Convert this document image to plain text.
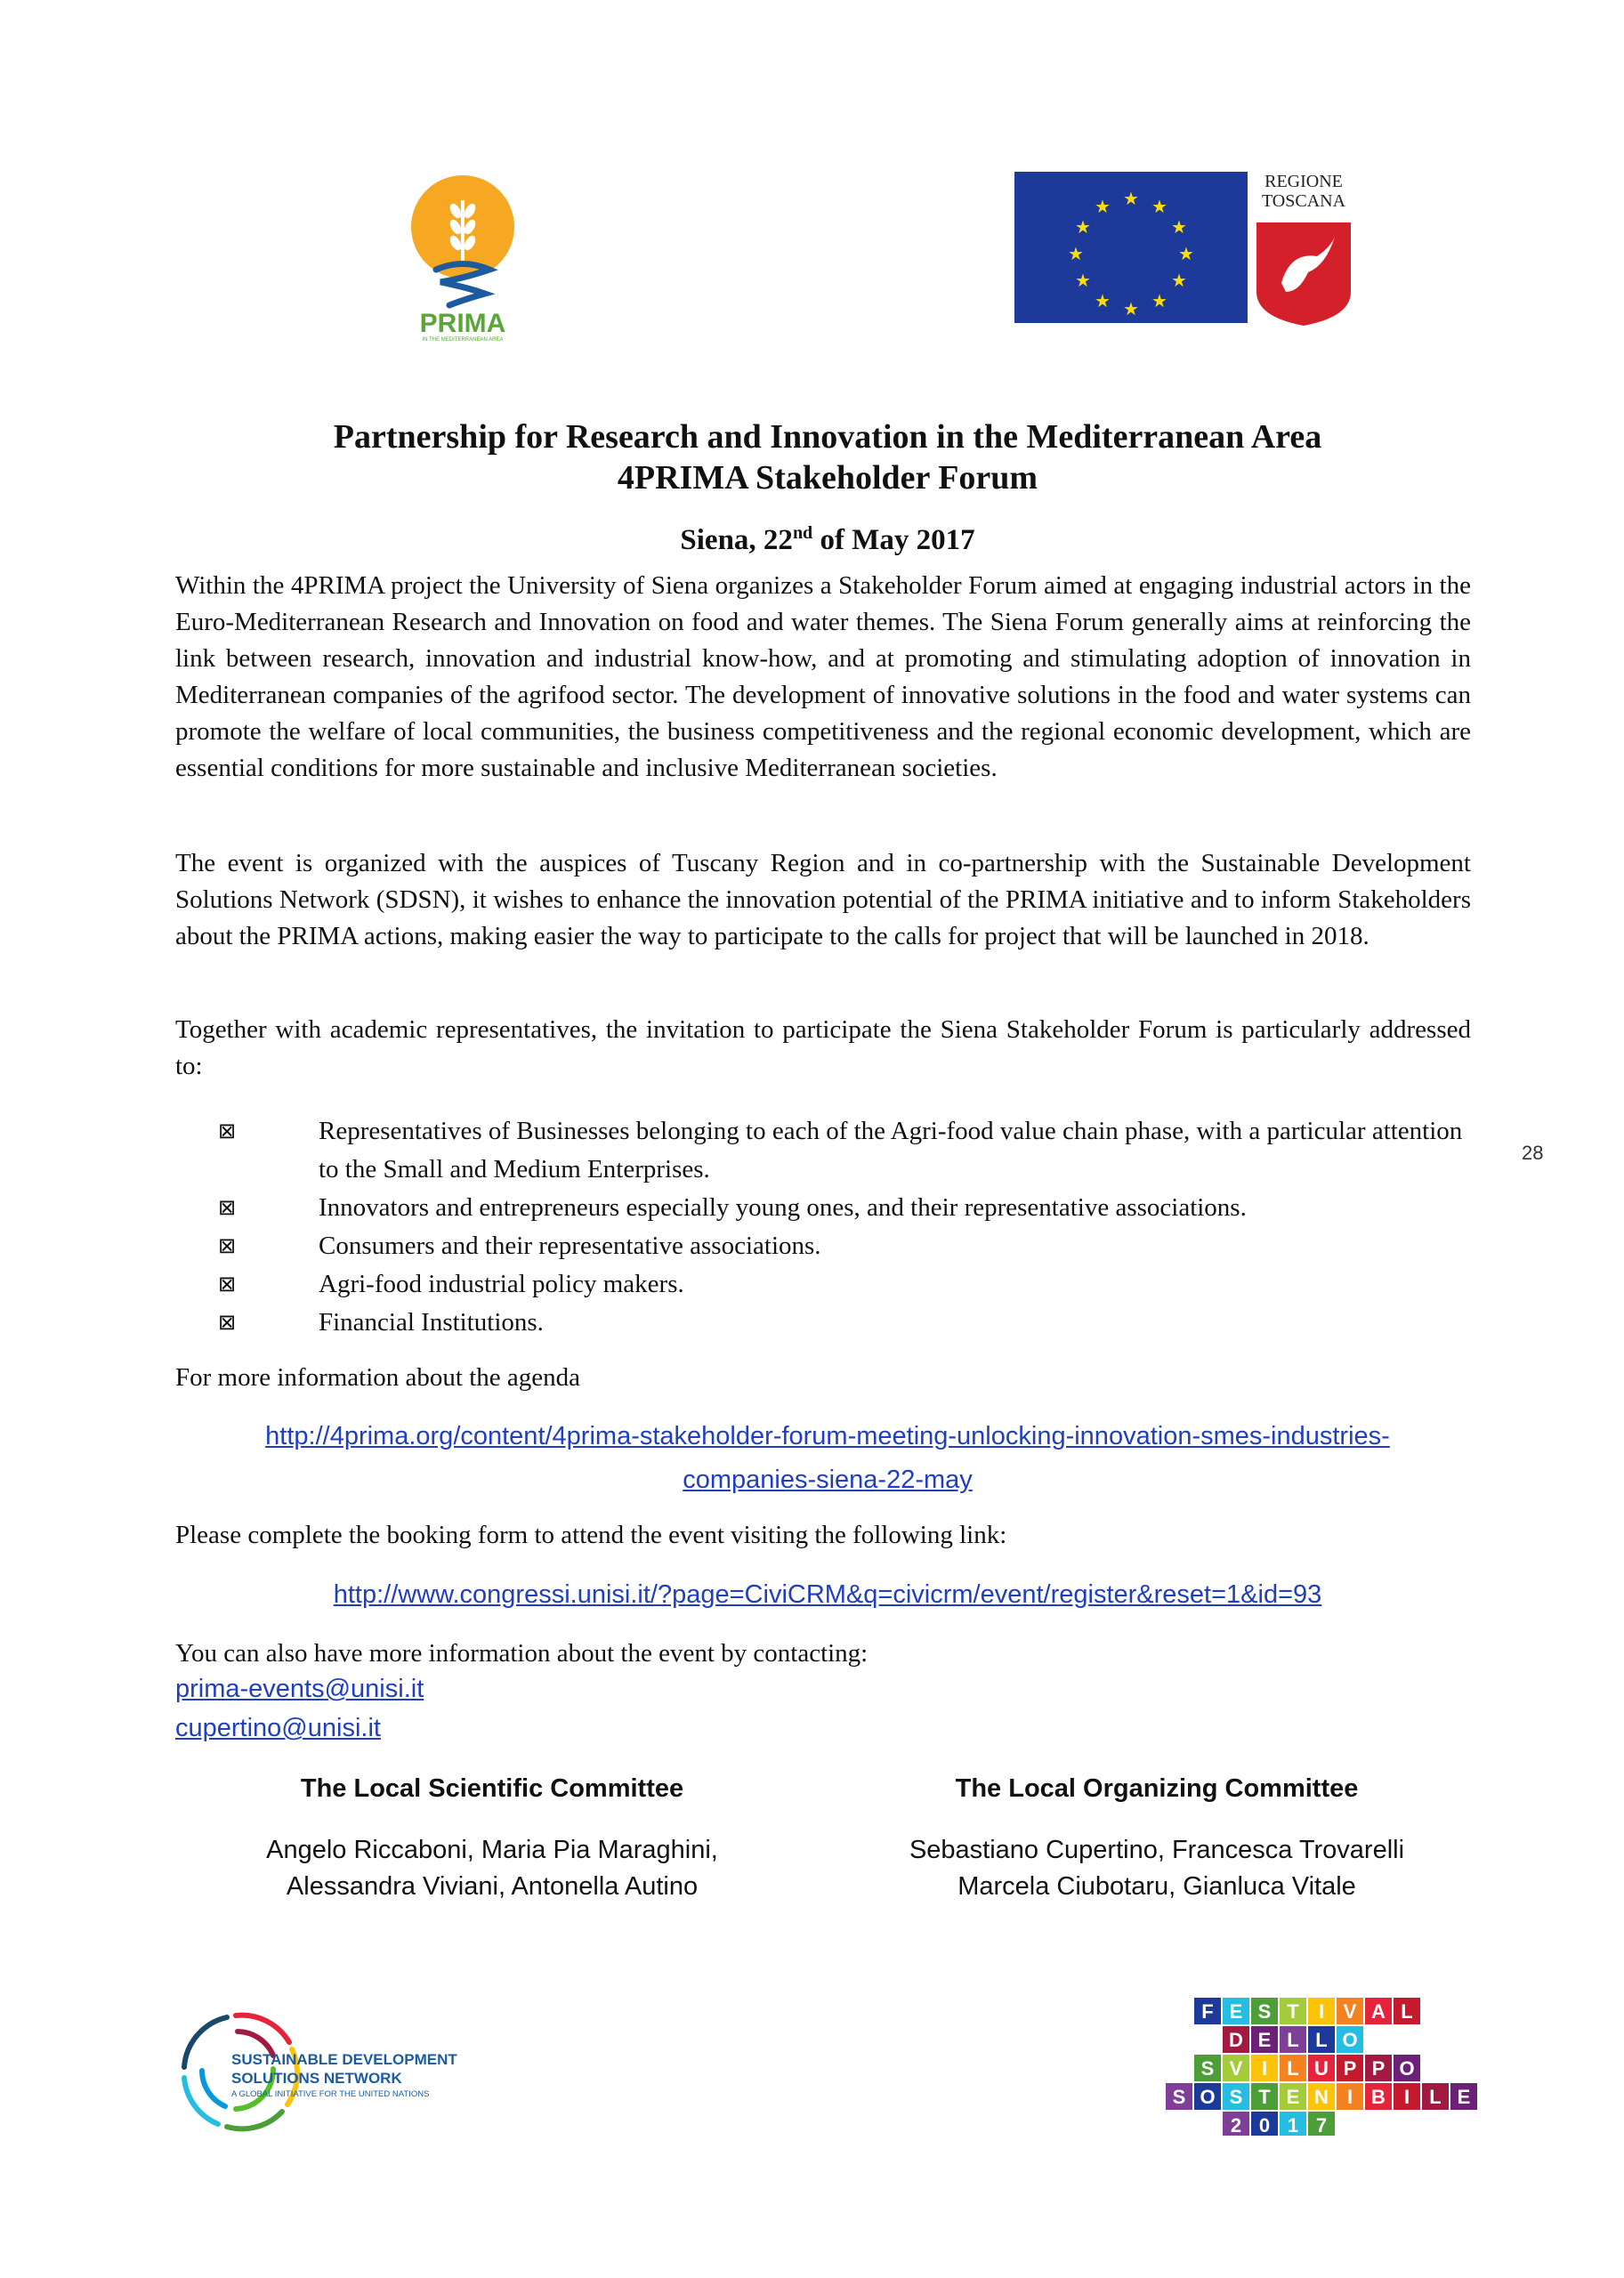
PRIMA
IN THE MEDITERRANEAN AREA
★ ★
★
★
★
★
★
★
★
★
★
★
REGIONE
TOSCANA
Partnership for Research and Innovation in the Mediterranean Area
4PRIMA Stakeholder Forum
Siena, 22nd of May 2017
Within the 4PRIMA project the University of Siena organizes a Stakeholder Forum aimed at engaging industrial actors in the Euro-Mediterranean Research and Innovation on food and water themes. The Siena Forum generally aims at reinforcing the link between research, innovation and industrial know-how, and at promoting and stimulating adoption of innovation in Mediterranean companies of the agrifood sector. The development of innovative solutions in the food and water systems can promote the welfare of local communities, the business competitiveness and the regional economic development, which are essential conditions for more sustainable and inclusive Mediterranean societies.
The event is organized with the auspices of Tuscany Region and in co-partnership with the Sustainable Development Solutions Network (SDSN), it wishes to enhance the innovation potential of the PRIMA initiative and to inform Stakeholders about the PRIMA actions, making easier the way to participate to the calls for project that will be launched in 2018.
Together with academic representatives, the invitation to participate the Siena Stakeholder Forum is particularly addressed to:
⊠	Representatives of Businesses belonging to each of the Agri-food value chain phase, with a particular attention to the Small and Medium Enterprises.
⊠	Innovators and entrepreneurs especially young ones, and their representative associations.
⊠	Consumers and their representative associations.
⊠	Agri-food industrial policy makers.
⊠	Financial Institutions.
28
For more information about the agenda
http://4prima.org/content/4prima-stakeholder-forum-meeting-unlocking-innovation-smes-industries-
companies-siena-22-may
Please complete the booking form to attend the event visiting the following link:
http://www.congressi.unisi.it/?page=CiviCRM&q=civicrm/event/register&reset=1&id=93
You can also have more information about the event by contacting:
prima-events@unisi.it
cupertino@unisi.it
The Local Scientific Committee
Angelo Riccaboni, Maria Pia Maraghini,
Alessandra Viviani, Antonella Autino
The Local Organizing Committee
Sebastiano Cupertino, Francesca Trovarelli
Marcela Ciubotaru, Gianluca Vitale
SUSTAINABLE DEVELOPMENT
SOLUTIONS NETWORK
A GLOBAL INITIATIVE FOR THE UNITED NATIONS
F E S T I V A L
D E L L O
S V I L U P P O
S O S T E N I B I L E
2 0 1 7
